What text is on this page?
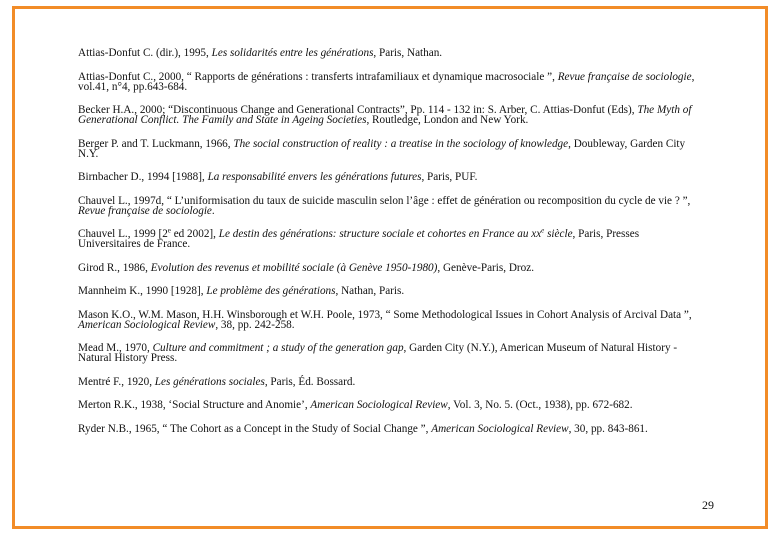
Attias-Donfut C. (dir.), 1995, Les solidarités entre les générations, Paris, Nathan.

Attias-Donfut C., 2000, “ Rapports de générations : transferts intrafamiliaux et dynamique macrosociale ”, Revue française de sociologie, vol.41, n°4, pp.643-684.

Becker H.A., 2000; “Discontinuous Change and Generational Contracts”, Pp. 114 - 132 in: S. Arber, C. Attias-Donfut (Eds), The Myth of Generational Conflict. The Family and State in Ageing Societies, Routledge, London and New York.

Berger P. and T. Luckmann, 1966, The social construction of reality : a treatise in the sociology of knowledge, Doubleway, Garden City N.Y.

Birnbacher D., 1994 [1988], La responsabilité envers les générations futures, Paris, PUF.

Chauvel L., 1997d, “ L’uniformisation du taux de suicide masculin selon l’âge : effet de génération ou recomposition du cycle de vie ? ”, Revue française de sociologie.

Chauvel L., 1999 [2e ed 2002], Le destin des générations: structure sociale et cohortes en France au $xx^e$ siècle, Paris, Presses Universitaires de France.

Girod R., 1986, Evolution des revenus et mobilité sociale (à Genève 1950-1980), Genève-Paris, Droz.

Mannheim K., 1990 [1928], Le problème des générations, Nathan, Paris.

Mason K.O., W.M. Mason, H.H. Winsborough et W.H. Poole, 1973, “ Some Methodological Issues in Cohort Analysis of Arcival Data ”, American Sociological Review, 38, pp. 242-258.

Mead M., 1970, Culture and commitment ; a study of the generation gap, Garden City (N.Y.), American Museum of Natural History - Natural History Press.

Mentré F., 1920, Les générations sociales, Paris, Éd. Bossard.

Merton R.K., 1938, ‘Social Structure and Anomie’, American Sociological Review, Vol. 3, No. 5. (Oct., 1938), pp. 672-682.

Ryder N.B., 1965, “ The Cohort as a Concept in the Study of Social Change ”, American Sociological Review, 30, pp. 843-861.

29
